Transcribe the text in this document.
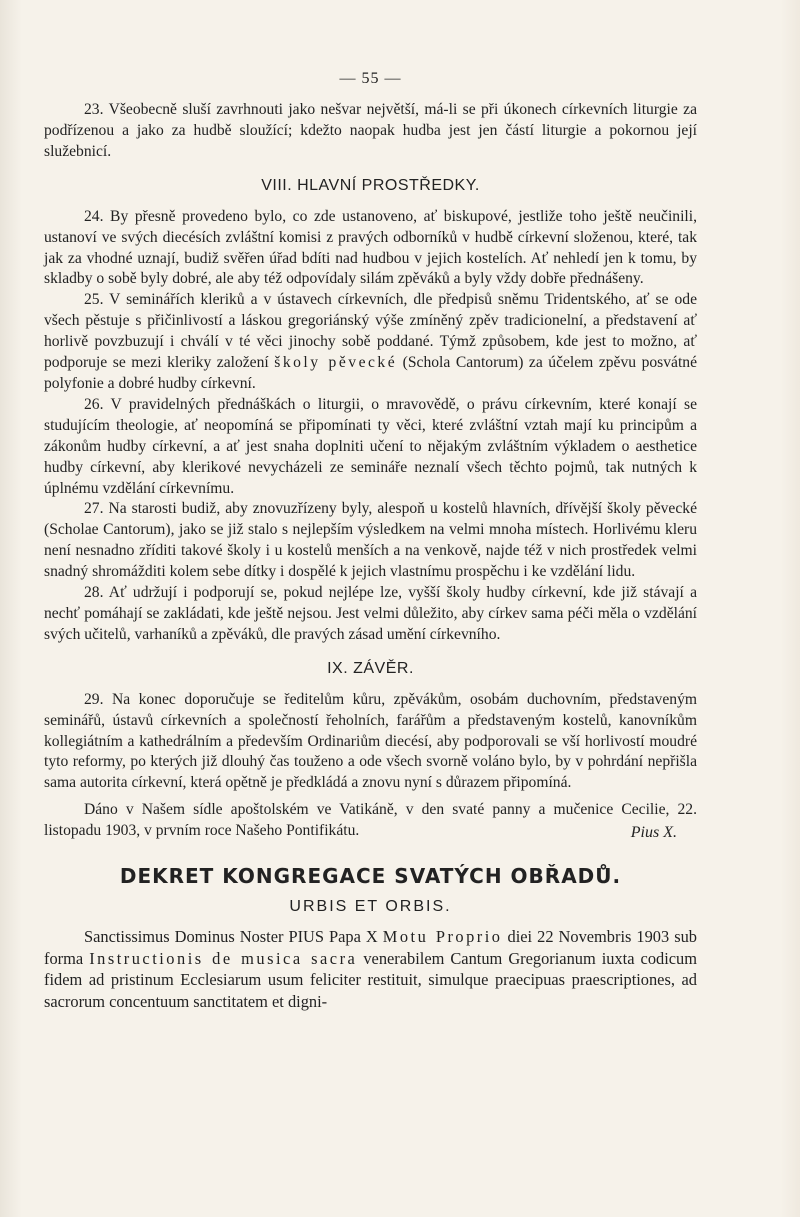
— 55 —

23. Všeobecně sluší zavrhnouti jako nešvar největší, má-li se při úkonech církevních liturgie za podřízenou a jako za hudbě sloužící; kdežto naopak hudba jest jen částí liturgie a pokornou její služebnicí.

VIII. HLAVNÍ PROSTŘEDKY.

24. By přesně provedeno bylo, co zde ustanoveno, ať biskupové, jestliže toho ještě neučinili, ustanoví ve svých diecésích zvláštní komisi z pravých odborníků v hudbě církevní složenou, které, tak jak za vhodné uznají, budiž svěřen úřad bdíti nad hudbou v jejich kostelích. Ať nehledí jen k tomu, by skladby o sobě byly dobré, ale aby též odpovídaly silám zpěváků a byly vždy dobře přednášeny.

25. V seminářích kleriků a v ústavech církevních, dle předpisů sněmu Tridentského, ať se ode všech pěstuje s přičinlivostí a láskou gregoriánský výše zmíněný zpěv tradicionelní, a představení ať horlivě povzbuzují i chválí v té věci jinochy sobě poddané. Týmž způsobem, kde jest to možno, ať podporuje se mezi kleriky založení školy pěvecké (Schola Cantorum) za účelem zpěvu posvátné polyfonie a dobré hudby církevní.

26. V pravidelných přednáškách o liturgii, o mravovědě, o právu církevním, které konají se studujícím theologie, ať neopomíná se připomínati ty věci, které zvláštní vztah mají ku principům a zákonům hudby církevní, a ať jest snaha doplniti učení to nějakým zvláštním výkladem o aesthetice hudby církevní, aby klerikové nevycházeli ze semináře neznalí všech těchto pojmů, tak nutných k úplnému vzdělání církevnímu.

27. Na starosti budiž, aby znovuzřízeny byly, alespoň u kostelů hlavních, dřívější školy pěvecké (Scholae Cantorum), jako se již stalo s nejlepším výsledkem na velmi mnoha místech. Horlivému kleru není nesnadno zříditi takové školy i u kostelů menších a na venkově, najde též v nich prostředek velmi snadný shromážditi kolem sebe dítky i dospělé k jejich vlastnímu prospěchu i ke vzdělání lidu.

28. Ať udržují i podporují se, pokud nejlépe lze, vyšší školy hudby církevní, kde již stávají a nechť pomáhají se zakládati, kde ještě nejsou. Jest velmi důležito, aby církev sama péči měla o vzdělání svých učitelů, varhaníků a zpěváků, dle pravých zásad umění církevního.

IX. ZÁVĚR.

29. Na konec doporučuje se ředitelům kůru, zpěvákům, osobám duchovním, představeným seminářů, ústavů církevních a společností řeholních, farářům a představeným kostelů, kanovníkům kollegiátním a kathedrálním a především Ordinariům diecésí, aby podporovali se vší horlivostí moudré tyto reformy, po kterých již dlouhý čas touženo a ode všech svorně voláno bylo, by v pohrdání nepřišla sama autorita církevní, která opětně je předkládá a znovu nyní s důrazem připomíná.

Dáno v Našem sídle apoštolském ve Vatikáně, v den svaté panny a mučenice Cecilie, 22. listopadu 1903, v prvním roce Našeho Pontifikátu.	Pius X.

DEKRET KONGREGACE SVATÝCH OBŘADŮ.
URBIS ET ORBIS.

Sanctissimus Dominus Noster PIUS Papa X Motu Proprio diei 22 Novembris 1903 sub forma Instructionis de musica sacra venerabilem Cantum Gregorianum iuxta codicum fidem ad pristinum Ecclesiarum usum feliciter restituit, simulque praecipuas praescriptiones, ad sacrorum concentuum sanctitatem et digni-
